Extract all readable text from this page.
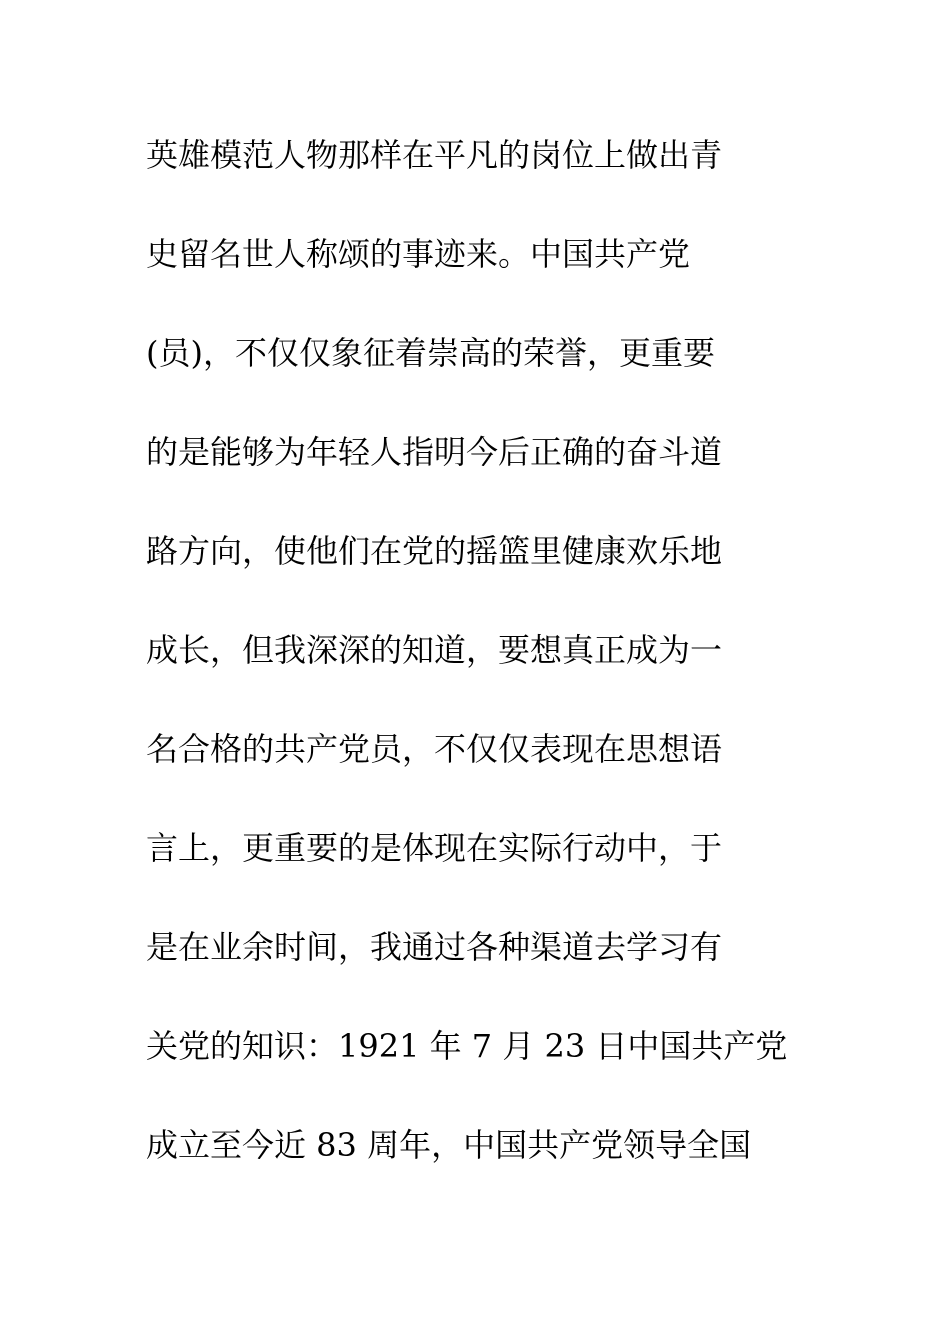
英雄模范人物那样在平凡的岗位上做出青
史留名世人称颂的事迹来。中国共产党
(员)，不仅仅象征着崇高的荣誉，更重要
的是能够为年轻人指明今后正确的奋斗道
路方向，使他们在党的摇篮里健康欢乐地
成长，但我深深的知道，要想真正成为一
名合格的共产党员，不仅仅表现在思想语
言上，更重要的是体现在实际行动中，于
是在业余时间，我通过各种渠道去学习有
关党的知识：1921 年 7 月 23 日中国共产党
成立至今近 83 周年，中国共产党领导全国
